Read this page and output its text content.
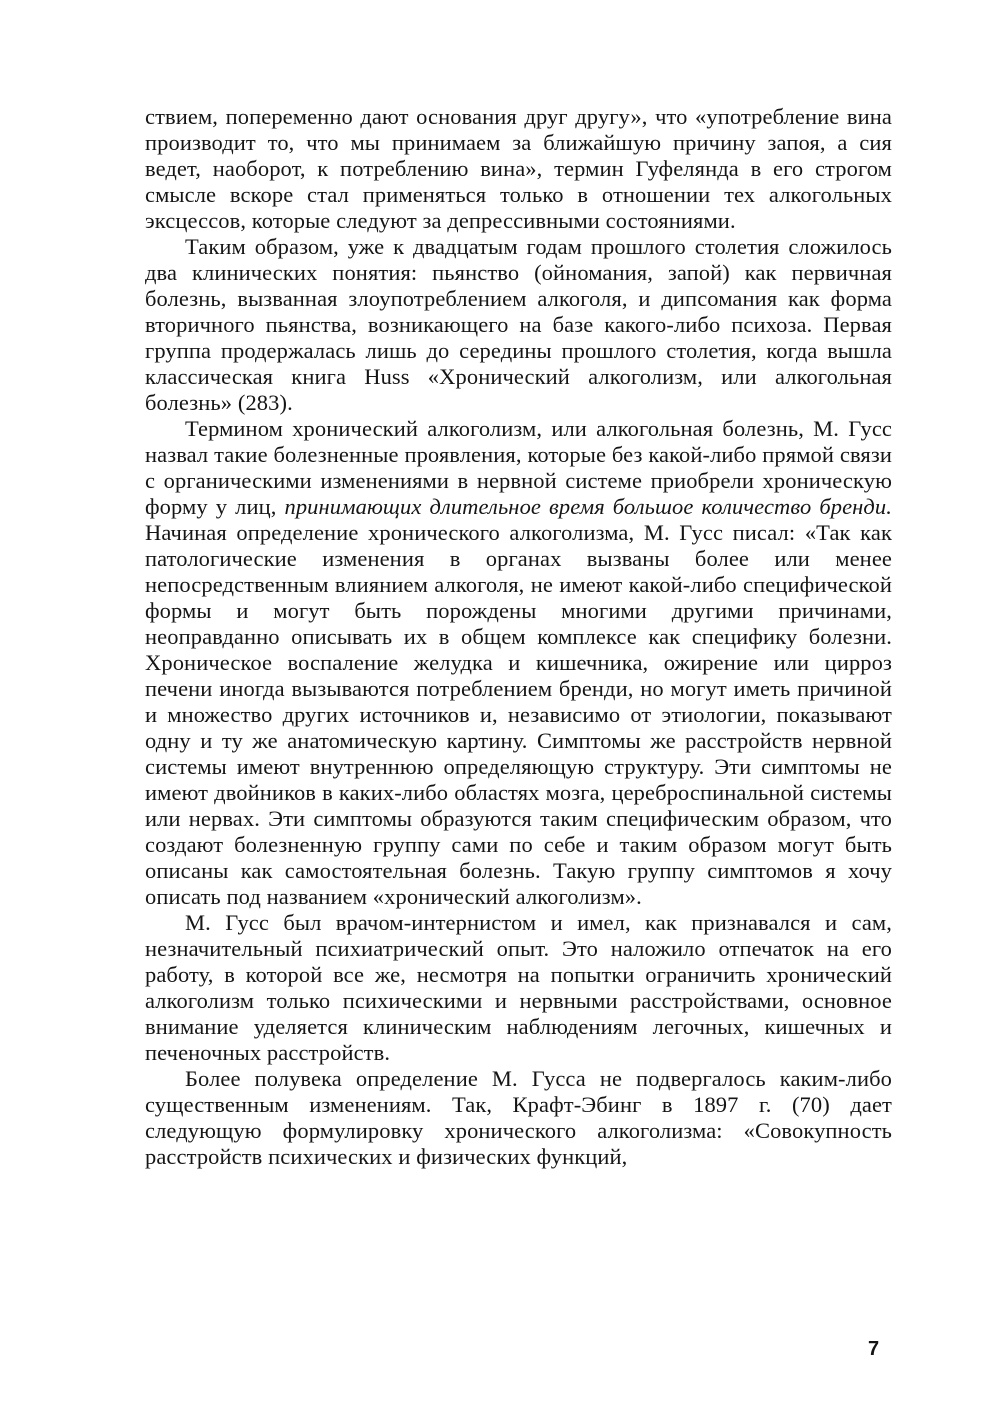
ствием, попеременно дают основания друг другу», что «употребление вина производит то, что мы принимаем за ближайшую причину запоя, а сия ведет, наоборот, к потреблению вина», термин Гуфелянда в его строгом смысле вскоре стал применяться только в отношении тех алкогольных эксцессов, которые следуют за депрессивными состояниями.

Таким образом, уже к двадцатым годам прошлого столетия сложилось два клинических понятия: пьянство (ойномания, запой) как первичная болезнь, вызванная злоупотреблением алкоголя, и дипсомания как форма вторичного пьянства, возникающего на базе какого-либо психоза. Первая группа продержалась лишь до середины прошлого столетия, когда вышла классическая книга Huss «Хронический алкоголизм, или алкогольная болезнь» (283).

Термином хронический алкоголизм, или алкогольная болезнь, М. Гусс назвал такие болезненные проявления, которые без какой-либо прямой связи с органическими изменениями в нервной системе приобрели хроническую форму у лиц, принимающих длительное время большое количество бренди. Начиная определение хронического алкоголизма, М. Гусс писал: «Так как патологические изменения в органах вызваны более или менее непосредственным влиянием алкоголя, не имеют какой-либо специфической формы и могут быть порождены многими другими причинами, неоправданно описывать их в общем комплексе как специфику болезни. Хроническое воспаление желудка и кишечника, ожирение или цирроз печени иногда вызываются потреблением бренди, но могут иметь причиной и множество других источников и, независимо от этиологии, показывают одну и ту же анатомическую картину. Симптомы же расстройств нервной системы имеют внутреннюю определяющую структуру. Эти симптомы не имеют двойников в каких-либо областях мозга, цереброспинальной системы или нервах. Эти симптомы образуются таким специфическим образом, что создают болезненную группу сами по себе и таким образом могут быть описаны как самостоятельная болезнь. Такую группу симптомов я хочу описать под названием «хронический алкоголизм».

М. Гусс был врачом-интернистом и имел, как признавался и сам, незначительный психиатрический опыт. Это наложило отпечаток на его работу, в которой все же, несмотря на попытки ограничить хронический алкоголизм только психическими и нервными расстройствами, основное внимание уделяется клиническим наблюдениям легочных, кишечных и печеночных расстройств.

Более полувека определение М. Гусса не подвергалось каким-либо существенным изменениям. Так, Крафт-Эбинг в 1897 г. (70) дает следующую формулировку хронического алкоголизма: «Совокупность расстройств психических и физических функций,

7
